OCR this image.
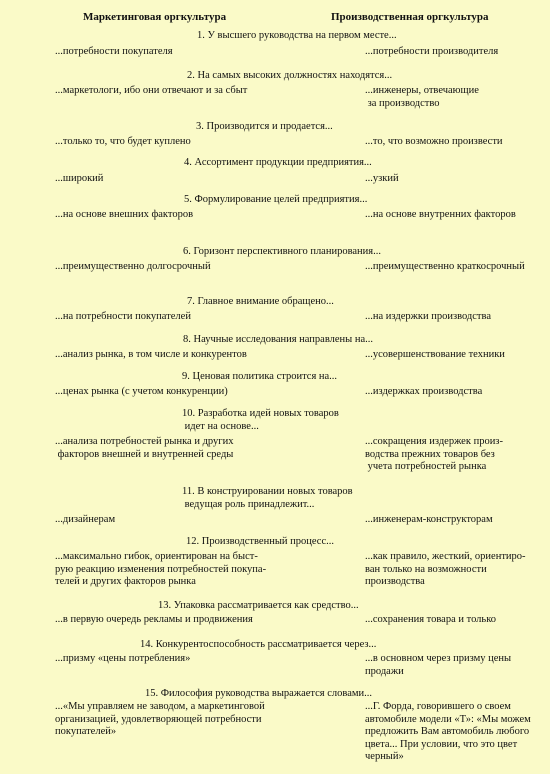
Маркетинговая оргкультура	Производственная оргкультура
1. У высшего руководства на первом месте...
...потребности покупателя	...потребности производителя
2. На самых высоких должностях находятся...
...маркетологи, ибо они отвечают и за сбыт	...инженеры, отвечающие
за производство
3. Производится и продается...
...только то, что будет куплено	...то, что возможно произвести
4. Ассортимент продукции предприятия...
...широкий	...узкий
5. Формулирование целей предприятия...
...на основе внешних факторов	...на основе внутренних факторов
6. Горизонт перспективного планирования...
...преимущественно долгосрочный	...преимущественно краткосрочный
7. Главное внимание обращено...
...на потребности покупателей	...на издержки производства
8. Научные исследования направлены на...
...анализ рынка, в том числе и конкурентов	...усовершенствование техники
9. Ценовая политика строится на...
...ценах рынка (с учетом конкуренции)	...издержках производства
10. Разработка идей новых товаров
идет на основе...
...анализа потребностей рынка и других
факторов внешней и внутренней среды
...сокращения издержек произ-
водства прежних товаров без
учета потребностей рынка
11. В конструировании новых товаров
ведущая роль принадлежит...
...дизайнерам	...инженерам-конструкторам
12. Производственный процесс...
...максимально гибок, ориентирован на быст-
рую реакцию изменения потребностей покупа-
телей и других факторов рынка
...как правило, жесткий, ориентиро-
ван только на возможности
производства
13. Упаковка рассматривается как средство...
...в первую очередь рекламы и продвижения	...сохранения товара и только
14. Конкурентоспособность рассматривается через...
...призму «цены потребления»	...в основном через призму цены
продажи
15. Философия руководства выражается словами...
...«Мы управляем не заводом, а маркетинговой
организацией, удовлетворяющей потребности
покупателей»
...Г. Форда, говорившего о своем
автомобиле модели «Т»: «Мы можем
предложить Вам автомобиль любого
цвета... При условии, что это цвет
черный»
